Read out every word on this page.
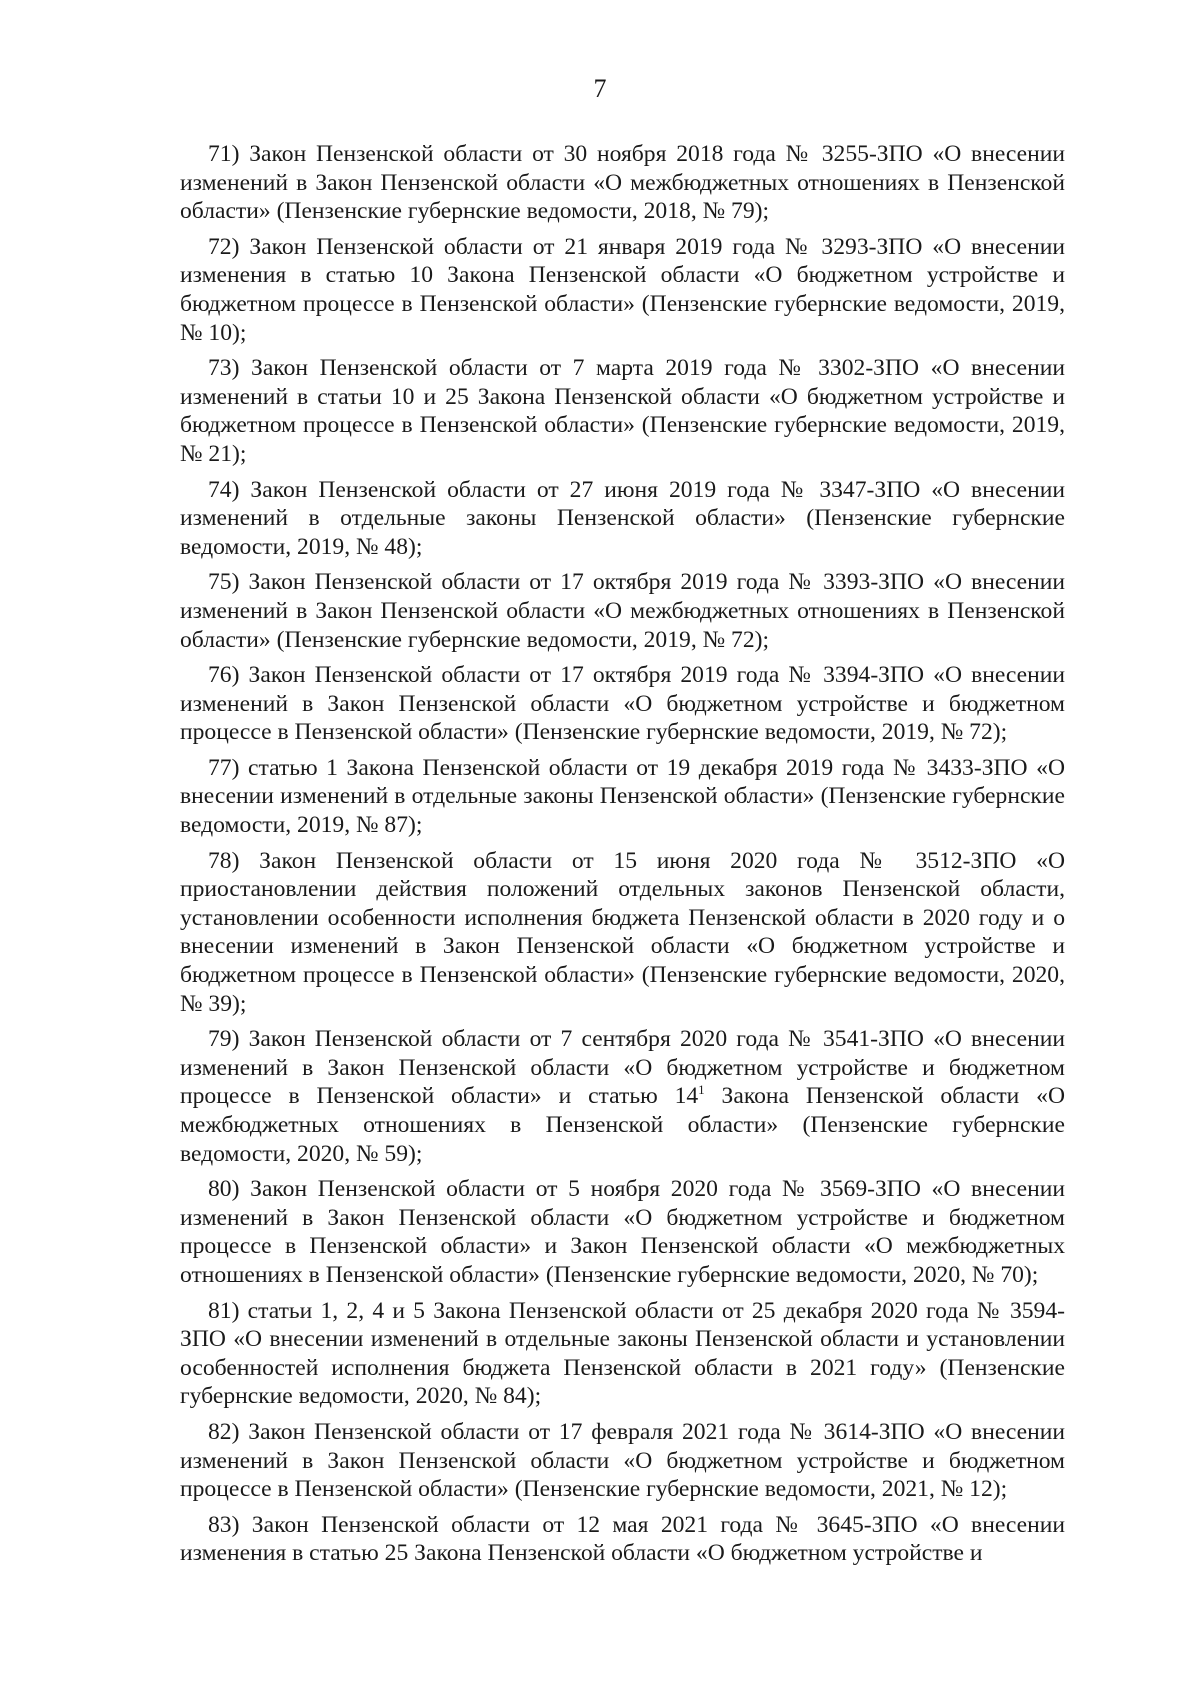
7

71) Закон Пензенской области от 30 ноября 2018 года № 3255-ЗПО «О внесении изменений в Закон Пензенской области «О межбюджетных отношениях в Пензенской области» (Пензенские губернские ведомости, 2018, № 79);

72) Закон Пензенской области от 21 января 2019 года № 3293-ЗПО «О внесении изменения в статью 10 Закона Пензенской области «О бюджетном устройстве и бюджетном процессе в Пензенской области» (Пензенские губернские ведомости, 2019, № 10);

73) Закон Пензенской области от 7 марта 2019 года № 3302-ЗПО «О внесении изменений в статьи 10 и 25 Закона Пензенской области «О бюджетном устройстве и бюджетном процессе в Пензенской области» (Пензенские губернские ведомости, 2019, № 21);

74) Закон Пензенской области от 27 июня 2019 года № 3347-ЗПО «О внесении изменений в отдельные законы Пензенской области» (Пензенские губернские ведомости, 2019, № 48);

75) Закон Пензенской области от 17 октября 2019 года № 3393-ЗПО «О внесении изменений в Закон Пензенской области «О межбюджетных отношениях в Пензенской области» (Пензенские губернские ведомости, 2019, № 72);

76) Закон Пензенской области от 17 октября 2019 года № 3394-ЗПО «О внесении изменений в Закон Пензенской области «О бюджетном устройстве и бюджетном процессе в Пензенской области» (Пензенские губернские ведомости, 2019, № 72);

77) статью 1 Закона Пензенской области от 19 декабря 2019 года № 3433-ЗПО «О внесении изменений в отдельные законы Пензенской области» (Пензенские губернские ведомости, 2019, № 87);

78) Закон Пензенской области от 15 июня 2020 года № 3512-ЗПО «О приостановлении действия положений отдельных законов Пензенской области, установлении особенности исполнения бюджета Пензенской области в 2020 году и о внесении изменений в Закон Пензенской области «О бюджетном устройстве и бюджетном процессе в Пензенской области» (Пензенские губернские ведомости, 2020, № 39);

79) Закон Пензенской области от 7 сентября 2020 года № 3541-ЗПО «О внесении изменений в Закон Пензенской области «О бюджетном устройстве и бюджетном процессе в Пензенской области» и статью $14^1$ Закона Пензенской области «О межбюджетных отношениях в Пензенской области» (Пензенские губернские ведомости, 2020, № 59);

80) Закон Пензенской области от 5 ноября 2020 года № 3569-ЗПО «О внесении изменений в Закон Пензенской области «О бюджетном устройстве и бюджетном процессе в Пензенской области» и Закон Пензенской области «О межбюджетных отношениях в Пензенской области» (Пензенские губернские ведомости, 2020, № 70);

81) статьи 1, 2, 4 и 5 Закона Пензенской области от 25 декабря 2020 года № 3594-ЗПО «О внесении изменений в отдельные законы Пензенской области и установлении особенностей исполнения бюджета Пензенской области в 2021 году» (Пензенские губернские ведомости, 2020, № 84);

82) Закон Пензенской области от 17 февраля 2021 года № 3614-ЗПО «О внесении изменений в Закон Пензенской области «О бюджетном устройстве и бюджетном процессе в Пензенской области» (Пензенские губернские ведомости, 2021, № 12);

83) Закон Пензенской области от 12 мая 2021 года № 3645-ЗПО «О внесении изменения в статью 25 Закона Пензенской области «О бюджетном устройстве и
